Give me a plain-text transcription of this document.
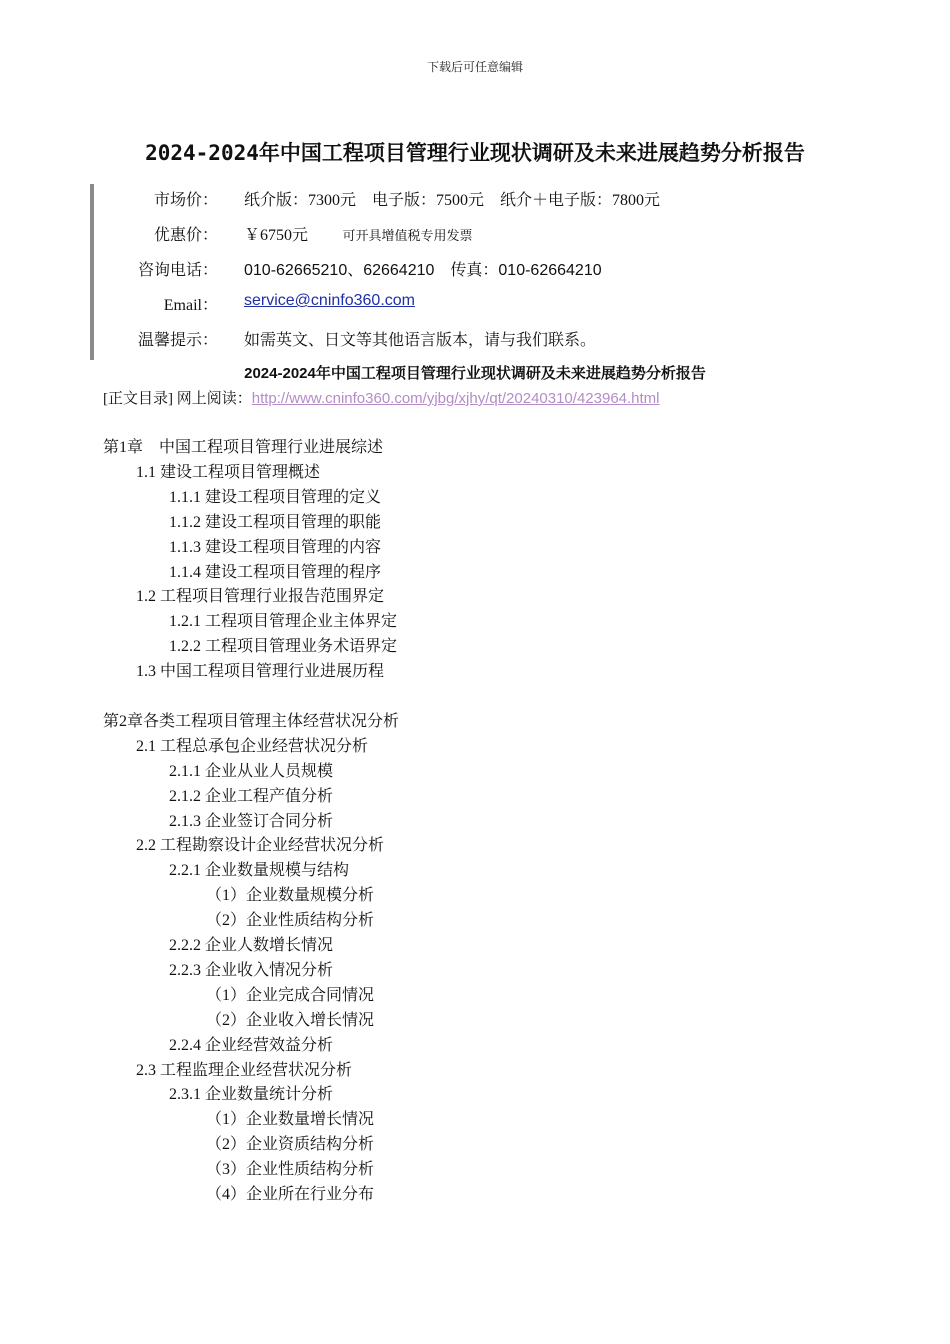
下载后可任意编辑
2024-2024年中国工程项目管理行业现状调研及未来进展趋势分析报告
市场价： 纸介版：7300元　电子版：7500元　纸介＋电子版：7800元
优惠价： ￥6750元	可开具增值税专用发票
咨询电话： 010-62665210、62664210　传真：010-62664210
Email： service@cninfo360.com
温馨提示： 如需英文、日文等其他语言版本，请与我们联系。
2024-2024年中国工程项目管理行业现状调研及未来进展趋势分析报告
[正文目录] 网上阅读：http://www.cninfo360.com/yjbg/xjhy/qt/20240310/423964.html
第1章　中国工程项目管理行业进展综述
1.1 建设工程项目管理概述
1.1.1 建设工程项目管理的定义
1.1.2 建设工程项目管理的职能
1.1.3 建设工程项目管理的内容
1.1.4 建设工程项目管理的程序
1.2 工程项目管理行业报告范围界定
1.2.1 工程项目管理企业主体界定
1.2.2 工程项目管理业务术语界定
1.3 中国工程项目管理行业进展历程
第2章各类工程项目管理主体经营状况分析
2.1 工程总承包企业经营状况分析
2.1.1 企业从业人员规模
2.1.2 企业工程产值分析
2.1.3 企业签订合同分析
2.2 工程勘察设计企业经营状况分析
2.2.1 企业数量规模与结构
（1）企业数量规模分析
（2）企业性质结构分析
2.2.2 企业人数增长情况
2.2.3 企业收入情况分析
（1）企业完成合同情况
（2）企业收入增长情况
2.2.4 企业经营效益分析
2.3 工程监理企业经营状况分析
2.3.1 企业数量统计分析
（1）企业数量增长情况
（2）企业资质结构分析
（3）企业性质结构分析
（4）企业所在行业分布
